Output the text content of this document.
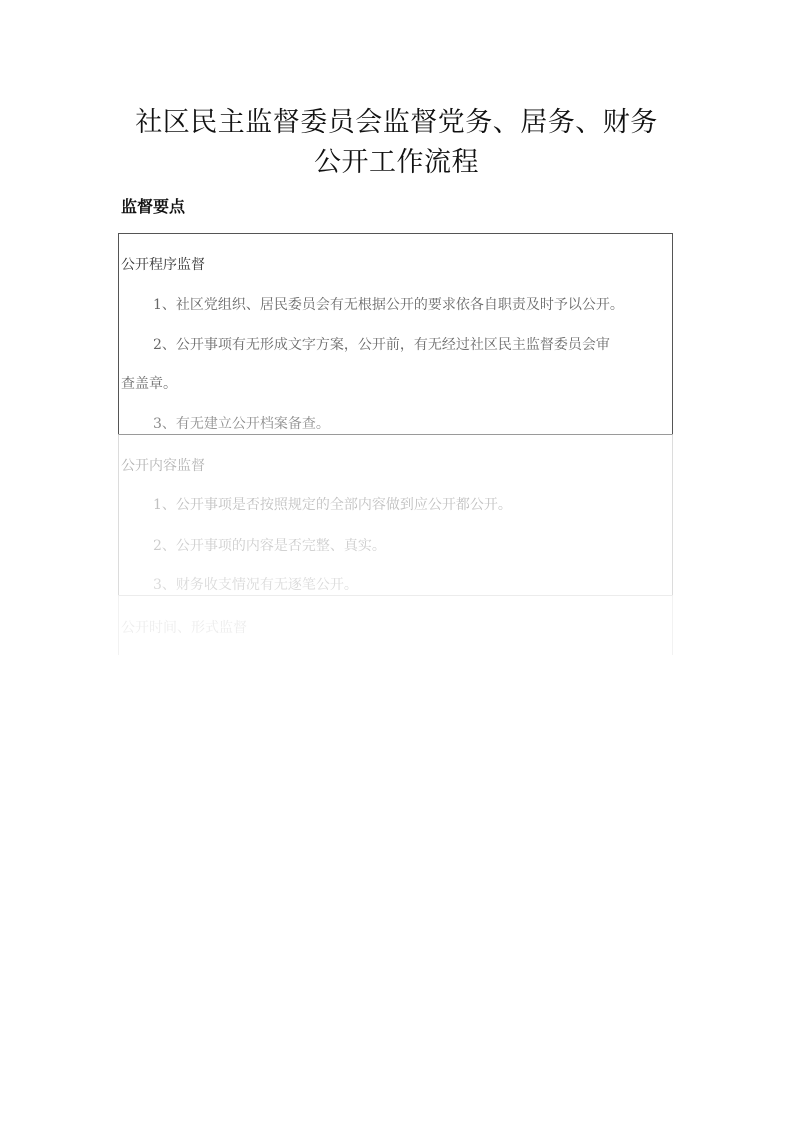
社区民主监督委员会监督党务、居务、财务
公开工作流程
监督要点
公开程序监督
1、社区党组织、居民委员会有无根据公开的要求依各自职责及时予以公开。
2、公开事项有无形成文字方案，公开前，有无经过社区民主监督委员会审
查盖章。
3、有无建立公开档案备查。
公开内容监督
1、公开事项是否按照规定的全部内容做到应公开都公开。
2、公开事项的内容是否完整、真实。
3、财务收支情况有无逐笔公开。
公开时间、形式监督
